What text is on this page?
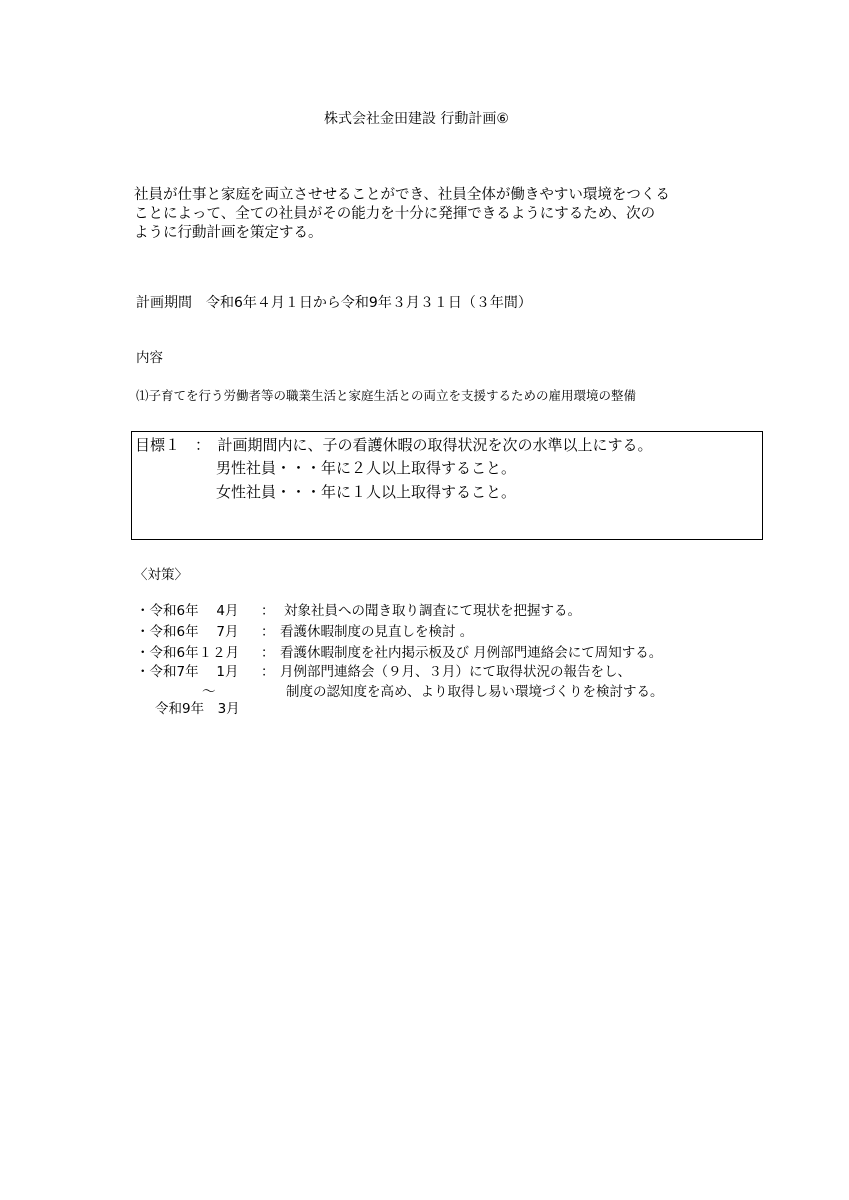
株式会社金田建設 行動計画⑥
社員が仕事と家庭を両立させせることができ、社員全体が働きやすい環境をつくる
ことによって、全ての社員がその能力を十分に発揮できるようにするため、次の
ように行動計画を策定する。
計画期間　令和6年４月１日から令和9年３月３１日（３年間）
内容
⑴子育てを行う労働者等の職業生活と家庭生活との両立を支援するための雇用環境の整備
目標１　：　計画期間内に、子の看護休暇の取得状況を次の水準以上にする。
男性社員・・・年に２人以上取得すること。
女性社員・・・年に１人以上取得すること。
〈対策〉
・令和6年　 4月 ： 対象社員への聞き取り調査にて現状を把握する。
・令和6年　 7月 ： 看護休暇制度の見直しを検討 。
・令和6年１２月 ： 看護休暇制度を社内掲示板及び 月例部門連絡会にて周知する。
・令和7年　 1月 ： 月例部門連絡会（９月、３月）にて取得状況の報告をし、
～	制度の認知度を高め、より取得し易い環境づくりを検討する。
令和9年　3月
